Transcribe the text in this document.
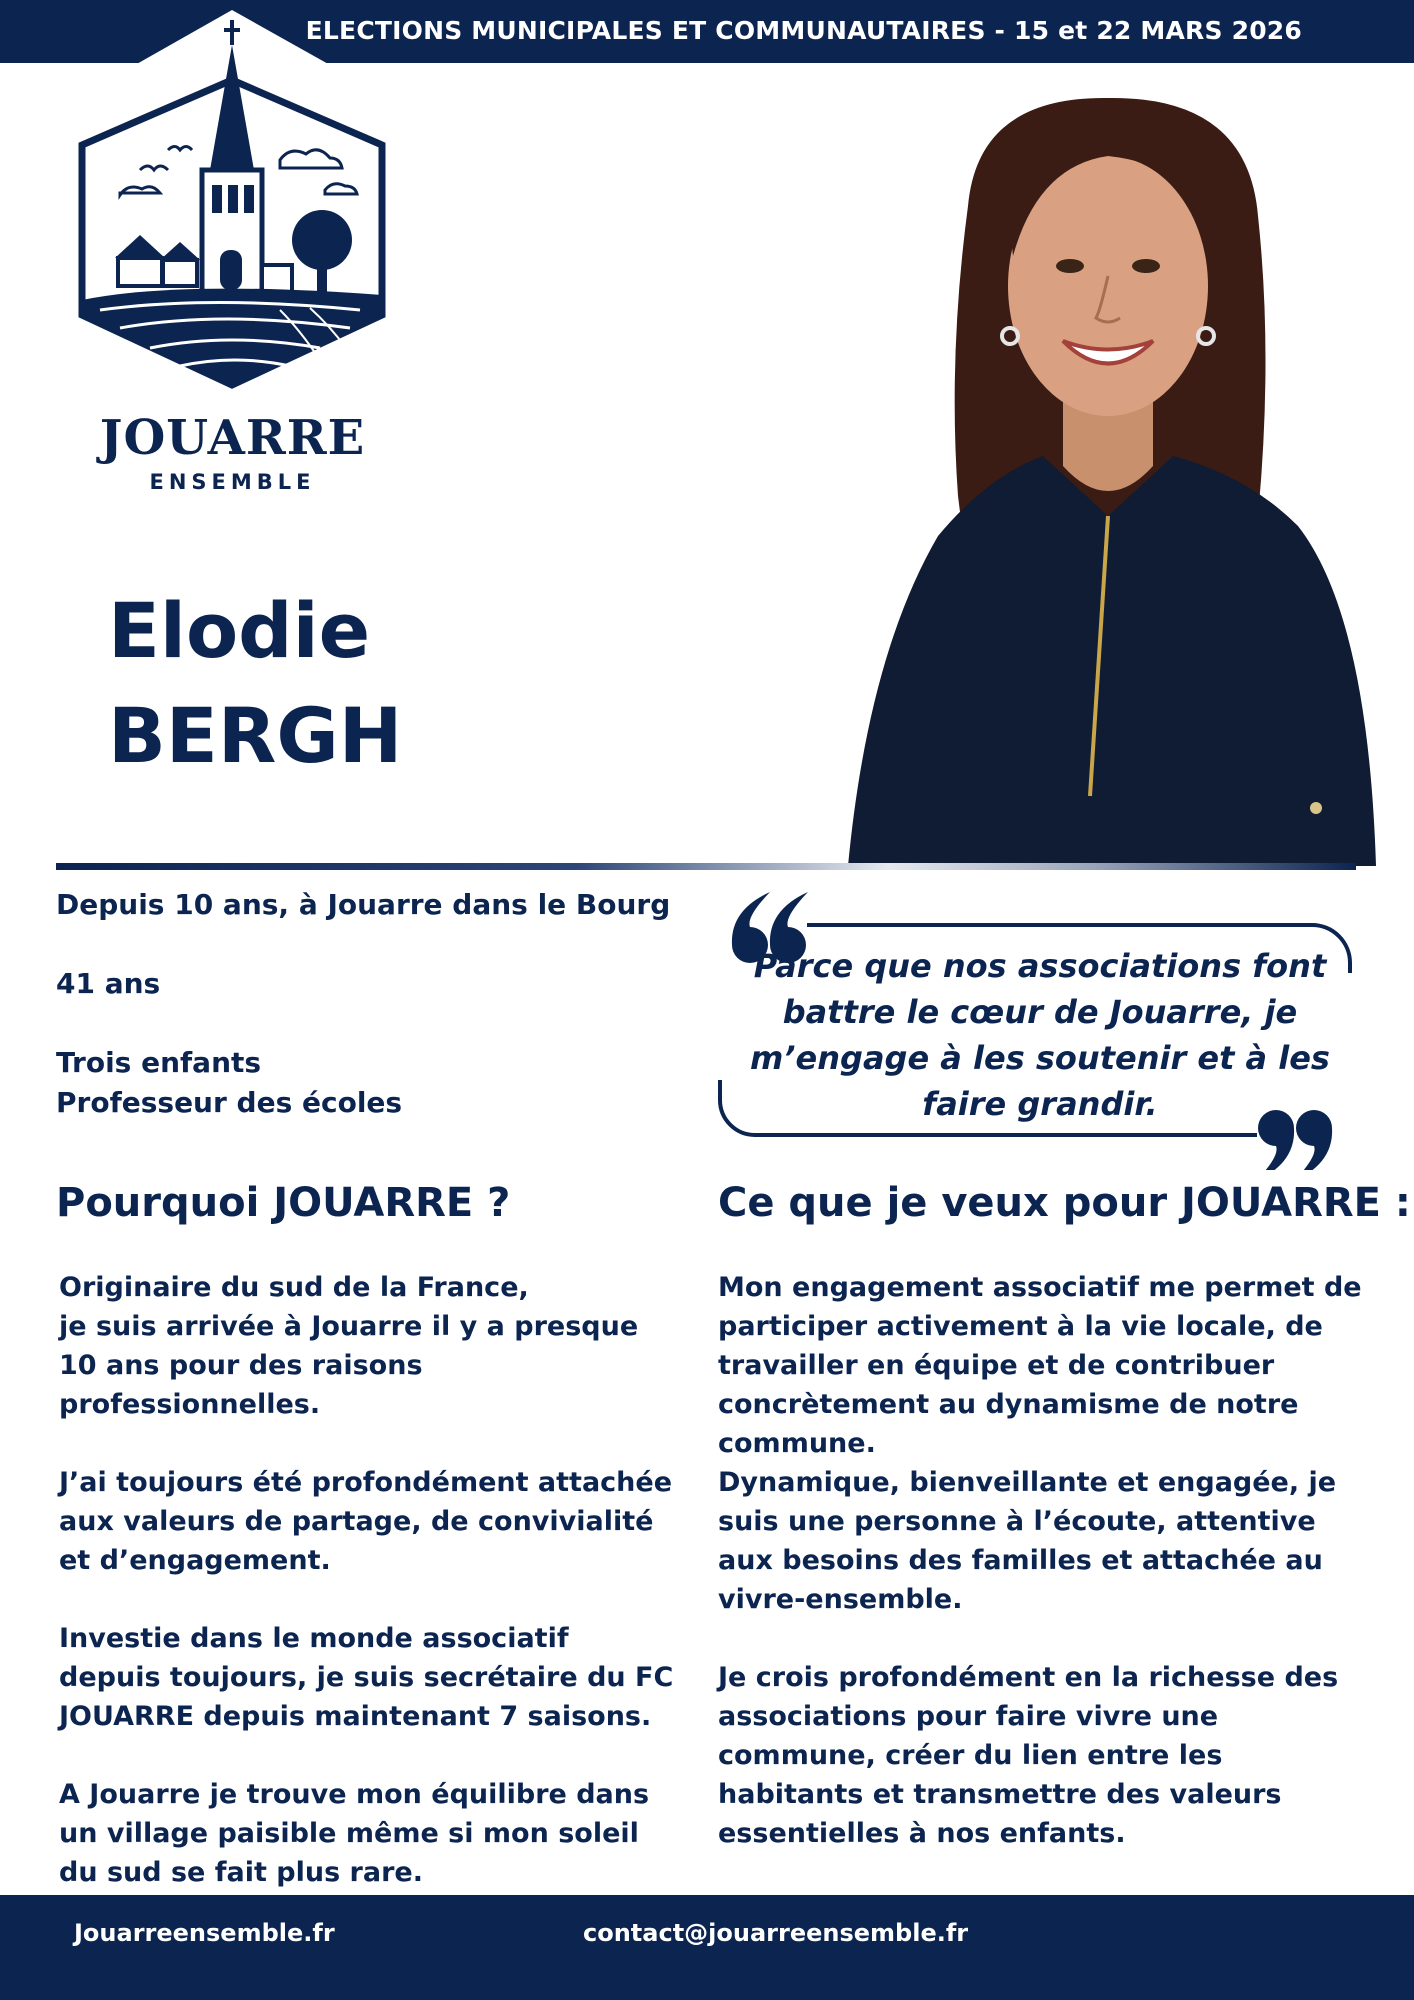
ELECTIONS MUNICIPALES ET COMMUNAUTAIRES - 15 et 22 MARS 2026
JOUARRE
ENSEMBLE
Elodie
BERGH
Depuis 10 ans, à Jouarre dans le Bourg
41 ans
Trois enfants
Professeur des écoles
Parce que nos associations font battre le cœur de Jouarre, je m’engage à les soutenir et à les faire grandir.
Pourquoi JOUARRE ?	Ce que je veux pour JOUARRE :

Originaire du sud de la France,
je suis arrivée à Jouarre il y a presque 10 ans pour des raisons professionnelles.

J’ai toujours été profondément attachée aux valeurs de partage, de convivialité et d’engagement.

Investie dans le monde associatif depuis toujours, je suis secrétaire du FC JOUARRE depuis maintenant 7 saisons.

A Jouarre je trouve mon équilibre dans un village paisible même si mon soleil du sud se fait plus rare.

Mon engagement associatif me permet de participer activement à la vie locale, de travailler en équipe et de contribuer concrètement au dynamisme de notre commune.
Dynamique, bienveillante et engagée, je suis une personne à l’écoute, attentive aux besoins des familles et attachée au vivre-ensemble.

Je crois profondément en la richesse des associations pour faire vivre une commune, créer du lien entre les habitants et transmettre des valeurs essentielles à nos enfants.

Jouarreensemble.fr	contact@jouarreensemble.fr
